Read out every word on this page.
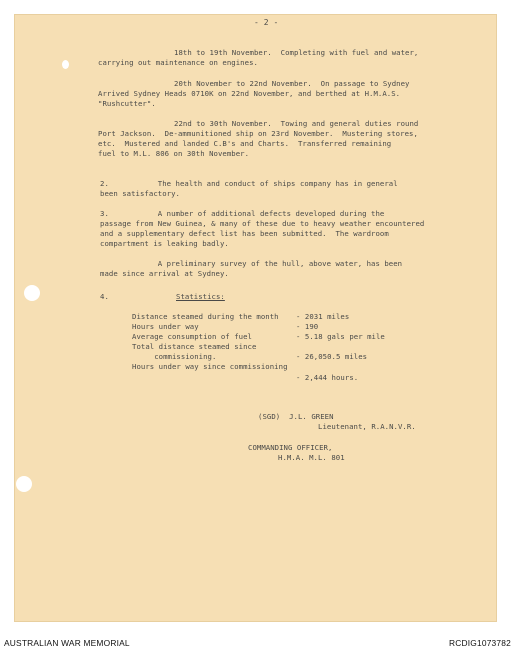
- 2 -
18th to 19th November.  Completing with fuel and water,
carrying out maintenance on engines.
20th November to 22nd November.  On passage to Sydney
Arrived Sydney Heads 0710K on 22nd November, and berthed at H.M.A.S.
"Rushcutter".
22nd to 30th November.  Towing and general duties round
Port Jackson.  De-ammunitioned ship on 23rd November.  Mustering stores,
etc.  Mustered and landed C.B's and Charts.  Transferred remaining
fuel to M.L. 806 on 30th November.
2.           The health and conduct of ships company has in general
been satisfactory.
3.           A number of additional defects developed during the
passage from New Guinea, & many of these due to heavy weather encountered
and a supplementary defect list has been submitted.  The wardroom
compartment is leaking badly.
A preliminary survey of the hull, above water, has been
made since arrival at Sydney.
4.	Statistics:
Distance steamed during the month - 2031 miles
Hours under way	- 190
Average consumption of fuel	- 5.18 gals per mile
Total distance steamed since
commissioning.	- 26,050.5 miles
Hours under way since commissioning
- 2,444 hours.
(SGD)  J.L. GREEN
Lieutenant, R.A.N.V.R.
COMMANDING OFFICER,
H.M.A. M.L. 801
AUSTRALIAN WAR MEMORIAL	RCDIG1073782
